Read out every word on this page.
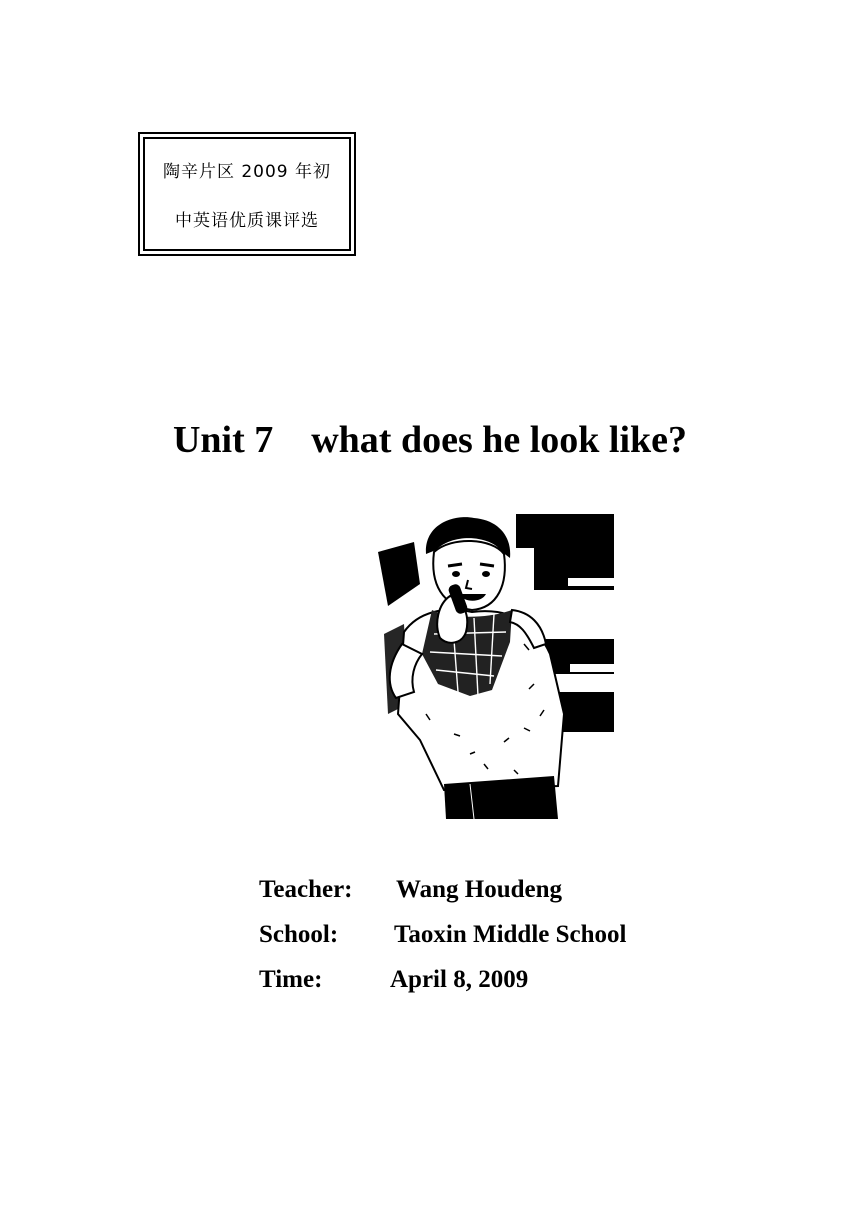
陶辛片区 2009 年初
中英语优质课评选
Unit 7    what does he look like?
Teacher: Wang Houdeng
School: Taoxin Middle School
Time:	April 8, 2009
